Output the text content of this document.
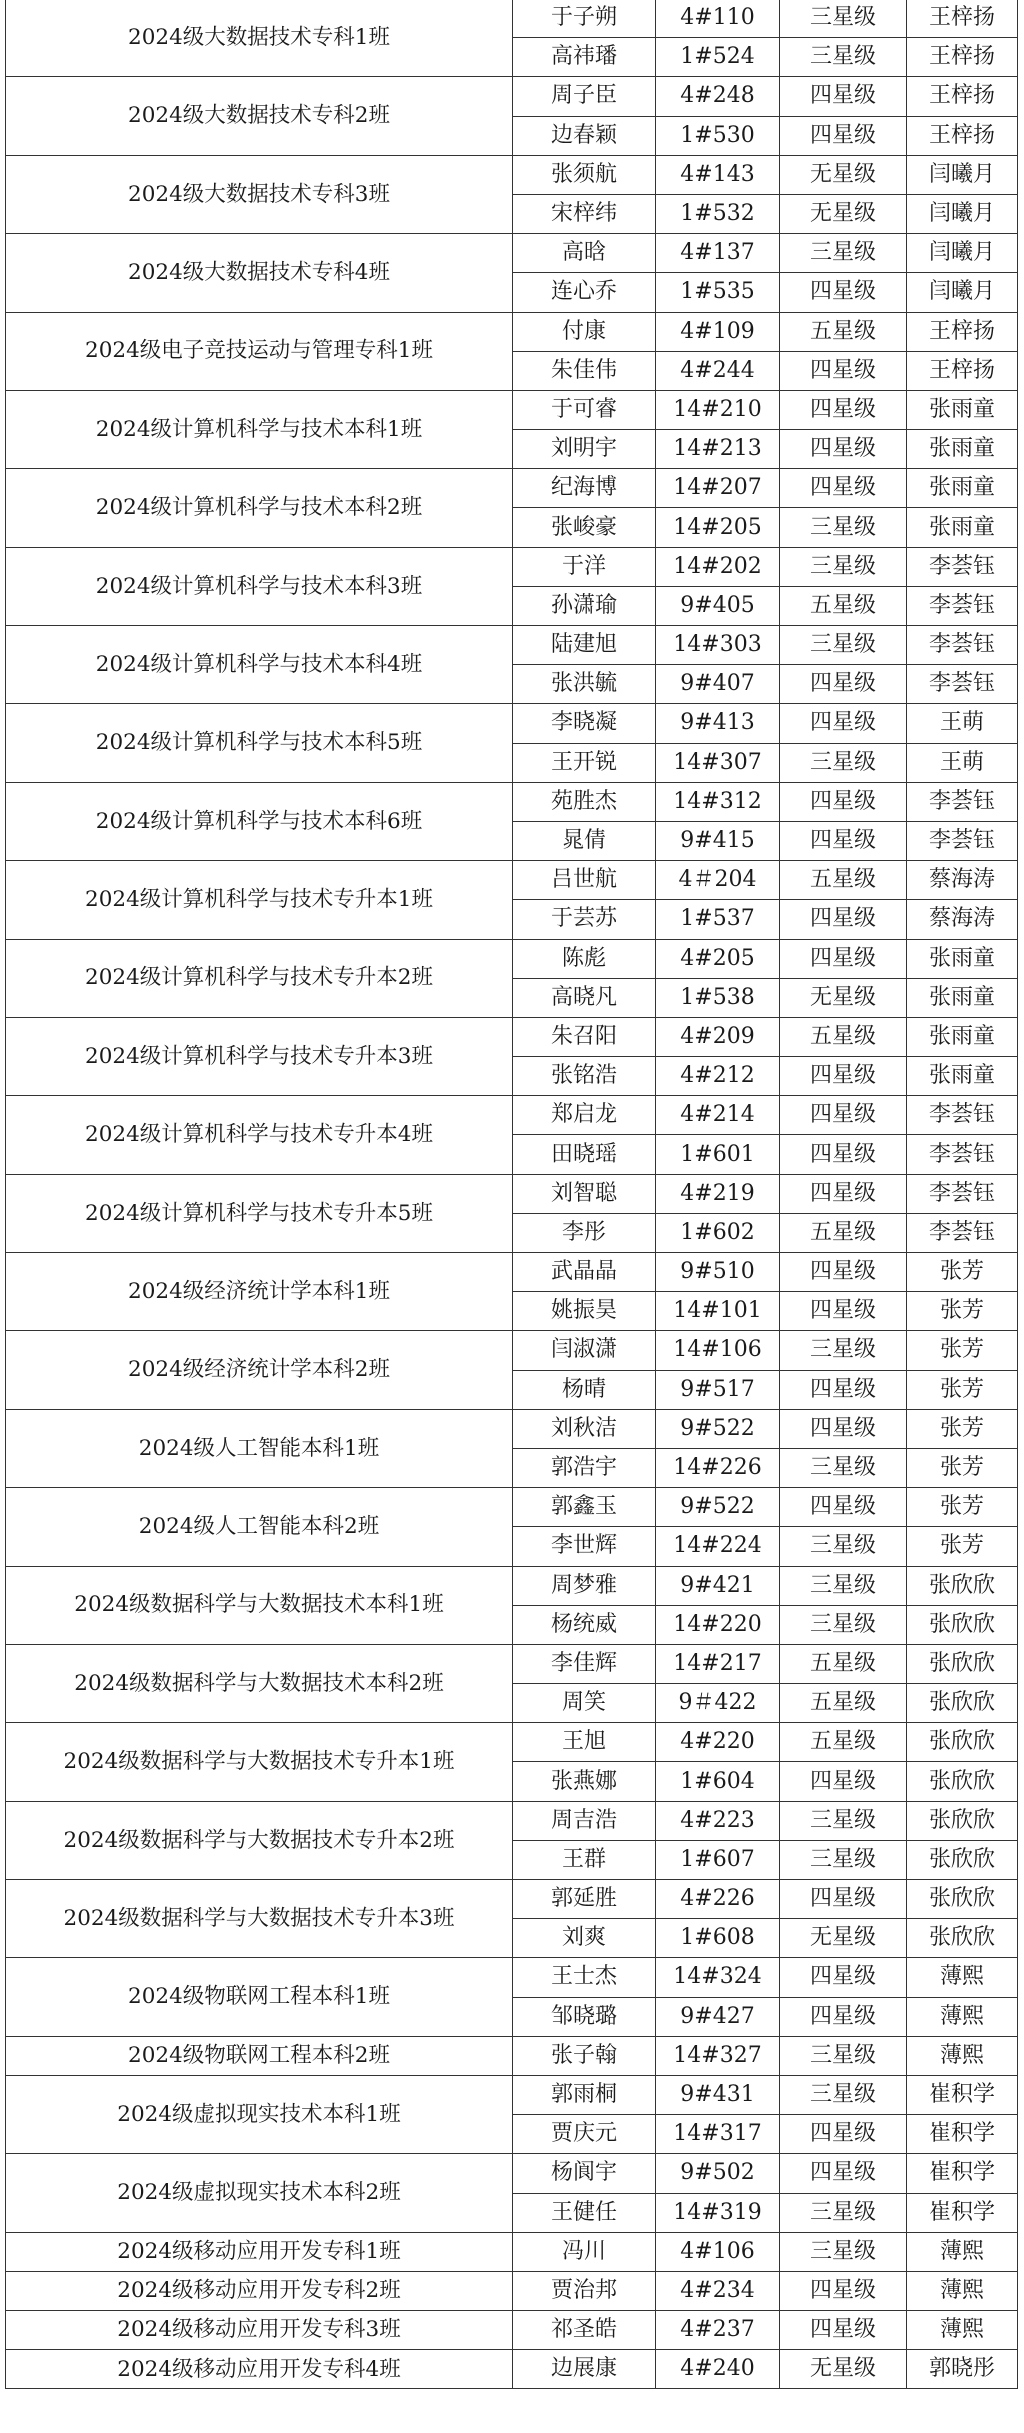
2024级大数据技术专科1班	于子朔	4#110	三星级	王梓扬
	高祎璠	1#524	三星级	王梓扬
2024级大数据技术专科2班	周子臣	4#248	四星级	王梓扬
	边春颖	1#530	四星级	王梓扬
2024级大数据技术专科3班	张须航	4#143	无星级	闫曦月
	宋梓纬	1#532	无星级	闫曦月
2024级大数据技术专科4班	高晗	4#137	三星级	闫曦月
	连心乔	1#535	四星级	闫曦月
2024级电子竞技运动与管理专科1班	付康	4#109	五星级	王梓扬
	朱佳伟	4#244	四星级	王梓扬
2024级计算机科学与技术本科1班	于可睿	14#210	四星级	张雨童
	刘明宇	14#213	四星级	张雨童
2024级计算机科学与技术本科2班	纪海博	14#207	四星级	张雨童
	张峻豪	14#205	三星级	张雨童
2024级计算机科学与技术本科3班	于洋	14#202	三星级	李荟钰
	孙潇瑜	9#405	五星级	李荟钰
2024级计算机科学与技术本科4班	陆建旭	14#303	三星级	李荟钰
	张洪毓	9#407	四星级	李荟钰
2024级计算机科学与技术本科5班	李晓凝	9#413	四星级	王萌
	王开锐	14#307	三星级	王萌
2024级计算机科学与技术本科6班	苑胜杰	14#312	四星级	李荟钰
	晁倩	9#415	四星级	李荟钰
2024级计算机科学与技术专升本1班	吕世航	4＃204	五星级	蔡海涛
	于芸苏	1#537	四星级	蔡海涛
2024级计算机科学与技术专升本2班	陈彪	4#205	四星级	张雨童
	高晓凡	1#538	无星级	张雨童
2024级计算机科学与技术专升本3班	朱召阳	4#209	五星级	张雨童
	张铭浩	4#212	四星级	张雨童
2024级计算机科学与技术专升本4班	郑启龙	4#214	四星级	李荟钰
	田晓瑶	1#601	四星级	李荟钰
2024级计算机科学与技术专升本5班	刘智聪	4#219	四星级	李荟钰
	李彤	1#602	五星级	李荟钰
2024级经济统计学本科1班	武晶晶	9#510	四星级	张芳
	姚振昊	14#101	四星级	张芳
2024级经济统计学本科2班	闫淑潇	14#106	三星级	张芳
	杨晴	9#517	四星级	张芳
2024级人工智能本科1班	刘秋洁	9#522	四星级	张芳
	郭浩宇	14#226	三星级	张芳
2024级人工智能本科2班	郭鑫玉	9#522	四星级	张芳
	李世辉	14#224	三星级	张芳
2024级数据科学与大数据技术本科1班	周梦雅	9#421	三星级	张欣欣
	杨统威	14#220	三星级	张欣欣
2024级数据科学与大数据技术本科2班	李佳辉	14#217	五星级	张欣欣
	周笑	9＃422	五星级	张欣欣
2024级数据科学与大数据技术专升本1班	王旭	4#220	五星级	张欣欣
	张燕娜	1#604	四星级	张欣欣
2024级数据科学与大数据技术专升本2班	周吉浩	4#223	三星级	张欣欣
	王群	1#607	三星级	张欣欣
2024级数据科学与大数据技术专升本3班	郭延胜	4#226	四星级	张欣欣
	刘爽	1#608	无星级	张欣欣
2024级物联网工程本科1班	王士杰	14#324	四星级	薄熙
	邹晓璐	9#427	四星级	薄熙
2024级物联网工程本科2班	张子翰	14#327	三星级	薄熙
2024级虚拟现实技术本科1班	郭雨桐	9#431	三星级	崔积学
	贾庆元	14#317	四星级	崔积学
2024级虚拟现实技术本科2班	杨阆宇	9#502	四星级	崔积学
	王健任	14#319	三星级	崔积学
2024级移动应用开发专科1班	冯川	4#106	三星级	薄熙
2024级移动应用开发专科2班	贾治邦	4#234	四星级	薄熙
2024级移动应用开发专科3班	祁圣皓	4#237	四星级	薄熙
2024级移动应用开发专科4班	边展康	4#240	无星级	郭晓彤
